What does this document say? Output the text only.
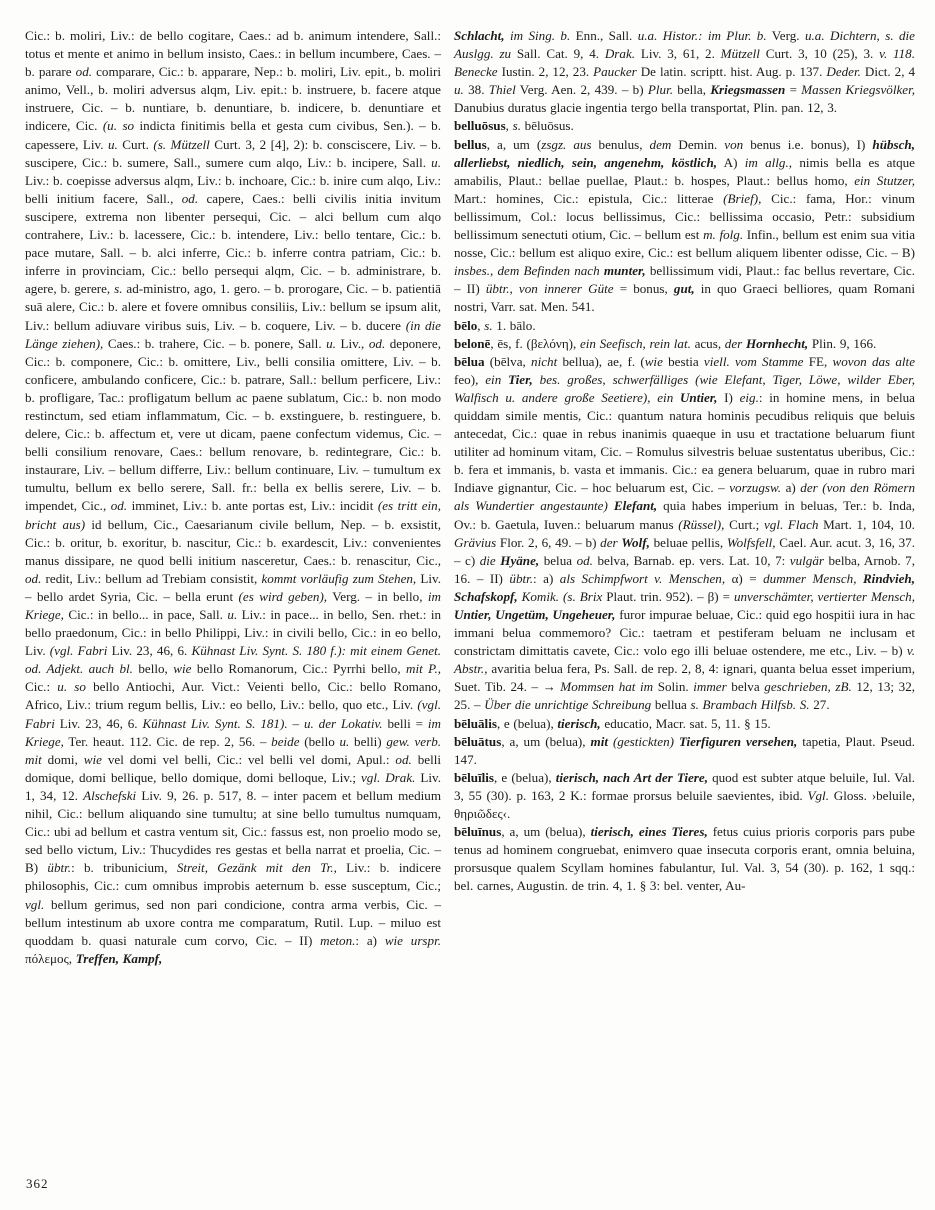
Cic.: b. moliri, Liv.: de bello cogitare, Caes.: ad b. animum intendere, Sall.: totus et mente et animo in bellum insisto, Caes.: in bellum incumbere, Caes. – b. parare od. comparare, Cic.: b. apparare, Nep.: b. moliri, Liv. epit., b. moliri animo, Vell., b. moliri adversus alqm, Liv. epit.: b. instruere, b. facere atque instruere, Cic. – b. nuntiare, b. denuntiare, b. indicere, b. denuntiare et indicere, Cic. (u. so indicta finitimis bella et gesta cum civibus, Sen.). – b. capessere, Liv. u. Curt. (s. Mützell Curt. 3, 2 [4], 2): b. consciscere, Liv. – b. suscipere, Cic.: b. sumere, Sall., sumere cum alqo, Liv.: b. incipere, Sall. u. Liv.: b. coepisse adversus alqm, Liv.: b. inchoare, Cic.: b. inire cum alqo, Liv.: belli initium facere, Sall., od. capere, Caes.: belli civilis initia invitum suscipere, extrema non libenter persequi, Cic. – alci bellum cum alqo contrahere, Liv.: b. lacessere, Cic.: b. intendere, Liv.: bello tentare, Cic.: b. pace mutare, Sall. – b. alci inferre, Cic.: b. inferre contra patriam, Cic.: b. inferre in provinciam, Cic.: bello persequi alqm, Cic. – b. administrare, b. agere, b. gerere, s. ad-ministro, ago, 1. gero. – b. prorogare, Cic. – b. patientiā suā alere, Cic.: b. alere et fovere omnibus consiliis, Liv.: bellum se ipsum alit, Liv.: bellum adiuvare viribus suis, Liv. – b. coquere, Liv. – b. ducere (in die Länge ziehen), Caes.: b. trahere, Cic. – b. ponere, Sall. u. Liv., od. deponere, Cic.: b. componere, Cic.: b. omittere, Liv., belli consilia omittere, Liv. – b. conficere, ambulando conficere, Cic.: b. patrare, Sall.: bellum perficere, Liv.: b. profligare, Tac.: profligatum bellum ac paene sublatum, Cic.: b. non modo restinctum, sed etiam inflammatum, Cic. – b. exstinguere, b. restinguere, b. delere, Cic.: b. affectum et, vere ut dicam, paene confectum videmus, Cic. – belli consilium renovare, Caes.: bellum renovare, b. redintegrare, Cic.: b. instaurare, Liv. – bellum differre, Liv.: bellum continuare, Liv. – tumultum ex tumultu, bellum ex bello serere, Sall. fr.: bella ex bellis serere, Liv. – b. impendet, Cic., od. imminet, Liv.: b. ante portas est, Liv.: incidit (es tritt ein, bricht aus) id bellum, Cic., Caesarianum civile bellum, Nep. – b. exsistit, Cic.: b. oritur, b. exoritur, b. nascitur, Cic.: b. exardescit, Liv.: convenientes manus dissipare, ne quod belli initium nasceretur, Caes.: b. renascitur, Cic., od. redit, Liv.: bellum ad Trebiam consistit, kommt vorläufig zum Stehen, Liv. – bello ardet Syria, Cic. – bella erunt (es wird geben), Verg. – in bello, im Kriege, Cic.: in bello... in pace, Sall. u. Liv.: in pace... in bello, Sen. rhet.: in bello praedonum, Cic.: in bello Philippi, Liv.: in civili bello, Cic.: in eo bello, Liv. (vgl. Fabri Liv. 23, 46, 6. Kühnast Liv. Synt. S. 180 f.): mit einem Genet. od. Adjekt. auch bl. bello, wie bello Romanorum, Cic.: Pyrrhi bello, mit P., Cic.: u. so bello Antiochi, Aur. Vict.: Veienti bello, Cic.: bello Romano, Africo, Liv.: trium regum bellis, Liv.: eo bello, Liv.: bello, quo etc., Liv. (vgl. Fabri Liv. 23, 46, 6. Kühnast Liv. Synt. S. 181). – u. der Lokativ. belli = im Kriege, Ter. heaut. 112. Cic. de rep. 2, 56. – beide (bello u. belli) gew. verb. mit domi, wie vel domi vel belli, Cic.: vel belli vel domi, Apul.: od. belli domique, domi bellique, bello domique, domi belloque, Liv.; vgl. Drak. Liv. 1, 34, 12. Alschefski Liv. 9, 26. p. 517, 8. – inter pacem et bellum medium nihil, Cic.: bellum aliquando sine tumultu; at sine bello tumultus numquam, Cic.: ubi ad bellum et castra ventum sit, Cic.: fassus est, non proelio modo se, sed bello victum, Liv.: Thucydides res gestas et bella narrat et proelia, Cic. – B) übtr.: b. tribunicium, Streit, Gezänk mit den Tr., Liv.: b. indicere philosophis, Cic.: cum omnibus improbis aeternum b. esse susceptum, Cic.; vgl. bellum gerimus, sed non pari condicione, contra arma verbis, Cic. – bellum intestinum ab uxore contra me comparatum, Rutil. Lup. – miluo est quoddam b. quasi naturale cum corvo, Cic. – II) meton.: a) wie urspr. πόλεμος, Treffen, Kampf,

Schlacht, im Sing. b. Enn., Sall. u.a. Histor.: im Plur. b. Verg. u.a. Dichtern, s. die Auslgg. zu Sall. Cat. 9, 4. Drak. Liv. 3, 61, 2. Mützell Curt. 3, 10 (25), 3. v. 118. Benecke Iustin. 2, 12, 23. Paucker De latin. scriptt. hist. Aug. p. 137. Deder. Dict. 2, 4 u. 38. Thiel Verg. Aen. 2, 439. – b) Plur. bella, Kriegsmassen = Massen Kriegsvölker, Danubius duratus glacie ingentia tergo bella transportat, Plin. pan. 12, 3.

belluōsus, s. bēluōsus.

bellus, a, um (zsgz. aus benulus, dem Demin. von benus i.e. bonus), I) hübsch, allerliebst, niedlich, sein, angenehm, köstlich, A) im allg., nimis bella es atque amabilis, Plaut.: bellae puellae, Plaut.: b. hospes, Plaut.: bellus homo, ein Stutzer, Mart.: homines, Cic.: epistula, Cic.: litterae (Brief), Cic.: fama, Hor.: vinum bellissimum, Col.: locus bellissimus, Cic.: bellissima occasio, Petr.: subsidium bellissimum senectuti otium, Cic. – bellum est m. folg. Infin., bellum est enim sua vitia nosse, Cic.: bellum est aliquo exire, Cic.: est bellum aliquem libenter odisse, Cic. – B) insbes., dem Befinden nach munter, bellissimum vidi, Plaut.: fac bellus revertare, Cic. – II) übtr., von innerer Güte = bonus, gut, in quo Graeci belliores, quam Romani nostri, Varr. sat. Men. 541.

bēlo, s. 1. bālo.

belonē, ēs, f. (βελόνη), ein Seefisch, rein lat. acus, der Hornhecht, Plin. 9, 166.

bēlua (bēlva, nicht bellua), ae, f. (wie bestia viell. vom Stamme FE, wovon das alte feo), ein Tier, bes. großes, schwerfälliges (wie Elefant, Tiger, Löwe, wilder Eber, Walfisch u. andere große Seetiere), ein Untier, I) eig.: in homine mens, in belua quiddam simile mentis, Cic.: quantum natura hominis pecudibus reliquis que beluis antecedat, Cic.: quae in rebus inanimis quaeque in usu et tractatione beluarum fiunt utiliter ad hominum vitam, Cic. – Romulus silvestris beluae sustentatus uberibus, Cic.: b. fera et immanis, b. vasta et immanis. Cic.: ea genera beluarum, quae in rubro mari Indiave gignantur, Cic. – hoc beluarum est, Cic. – vorzugsw. a) der (von den Römern als Wundertier angestaunte) Elefant, quia habes imperium in beluas, Ter.: b. Inda, Ov.: b. Gaetula, Iuven.: beluarum manus (Rüssel), Curt.; vgl. Flach Mart. 1, 104, 10. Grävius Flor. 2, 6, 49. – b) der Wolf, beluae pellis, Wolfsfell, Cael. Aur. acut. 3, 16, 37. – c) die Hyäne, belua od. belva, Barnab. ep. vers. Lat. 10, 7: vulgär belba, Arnob. 7, 16. – II) übtr.: a) als Schimpfwort v. Menschen, α) = dummer Mensch, Rindvieh, Schafskopf, Komik. (s. Brix Plaut. trin. 952). – β) = unverschämter, vertierter Mensch, Untier, Ungetüm, Ungeheuer, furor impurae beluae, Cic.: quid ego hospitii iura in hac immani belua commemoro? Cic.: taetram et pestiferam beluam ne inclusam et constrictam dimittatis cavete, Cic.: volo ego illi beluae ostendere, me etc., Liv. – b) v. Abstr., avaritia belua fera, Ps. Sall. de rep. 2, 8, 4: ignari, quanta belua esset imperium, Suet. Tib. 24. – → Mommsen hat im Solin. immer belva geschrieben, zB. 12, 13; 32, 25. – Über die unrichtige Schreibung bellua s. Brambach Hilfsb. S. 27.

bēluālis, e (belua), tierisch, educatio, Macr. sat. 5, 11. § 15.

bēluātus, a, um (belua), mit (gestickten) Tierfiguren versehen, tapetia, Plaut. Pseud. 147.

bēluīlis, e (belua), tierisch, nach Art der Tiere, quod est subter atque beluile, Iul. Val. 3, 55 (30). p. 163, 2 K.: formae prorsus beluile saevientes, ibid. Vgl. Gloss. ›beluile, θηριῶδες‹.

bēluīnus, a, um (belua), tierisch, eines Tieres, fetus cuius prioris corporis pars pube tenus ad hominem congruebat, enimvero quae insecuta corporis erant, omnia beluina, prorsusque qualem Scyllam homines fabulantur, Iul. Val. 3, 54 (30). p. 162, 1 sqq.: bel. carnes, Augustin. de trin. 4, 1. § 3: bel. venter, Au-

362
